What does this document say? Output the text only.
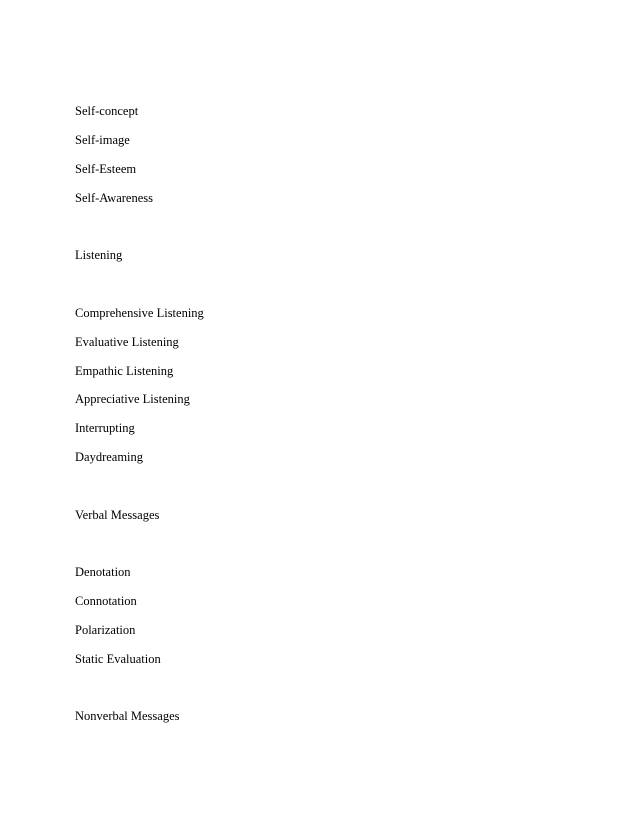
Self-concept
Self-image
Self-Esteem
Self-Awareness
Listening
Comprehensive Listening
Evaluative Listening
Empathic Listening
Appreciative Listening
Interrupting
Daydreaming
Verbal Messages
Denotation
Connotation
Polarization
Static Evaluation
Nonverbal Messages
